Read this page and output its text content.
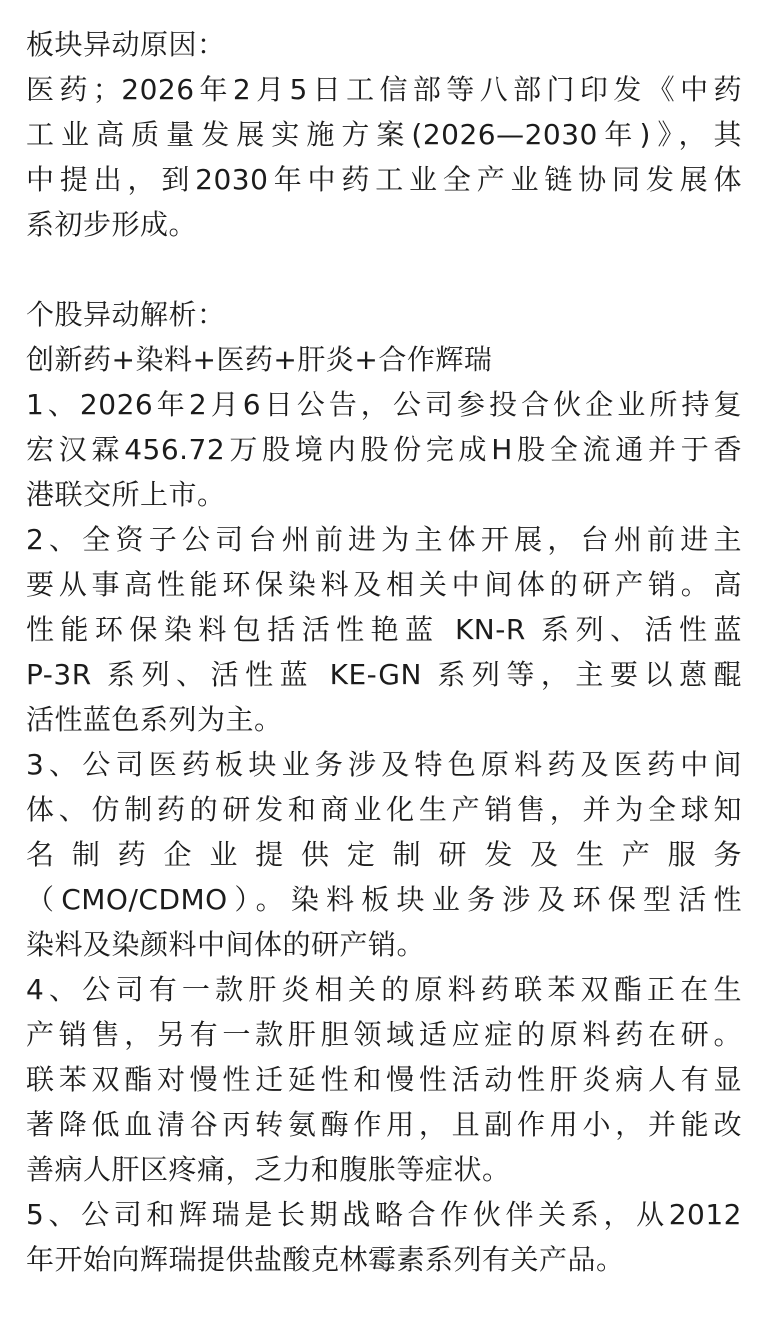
板块异动原因：
医药；2026年2月5日工信部等八部门印发《中药
工业高质量发展实施方案(2026—2030年)》，其
中提出，到2030年中药工业全产业链协同发展体
系初步形成。
个股异动解析：
创新药+染料+医药+肝炎+合作辉瑞
1、2026年2月6日公告，公司参投合伙企业所持复
宏汉霖456.72万股境内股份完成H股全流通并于香
港联交所上市。
2、全资子公司台州前进为主体开展，台州前进主
要从事高性能环保染料及相关中间体的研产销。高
性能环保染料包括活性艳蓝 KN-R 系列、活性蓝
P-3R 系列、活性蓝 KE-GN 系列等，主要以蒽醌
活性蓝色系列为主。
3、公司医药板块业务涉及特色原料药及医药中间
体、仿制药的研发和商业化生产销售，并为全球知
名制药企业提供定制研发及生产服务
（CMO/CDMO）。染料板块业务涉及环保型活性
染料及染颜料中间体的研产销。
4、公司有一款肝炎相关的原料药联苯双酯正在生
产销售，另有一款肝胆领域适应症的原料药在研。
联苯双酯对慢性迁延性和慢性活动性肝炎病人有显
著降低血清谷丙转氨酶作用，且副作用小，并能改
善病人肝区疼痛，乏力和腹胀等症状。
5、公司和辉瑞是长期战略合作伙伴关系，从2012
年开始向辉瑞提供盐酸克林霉素系列有关产品。
